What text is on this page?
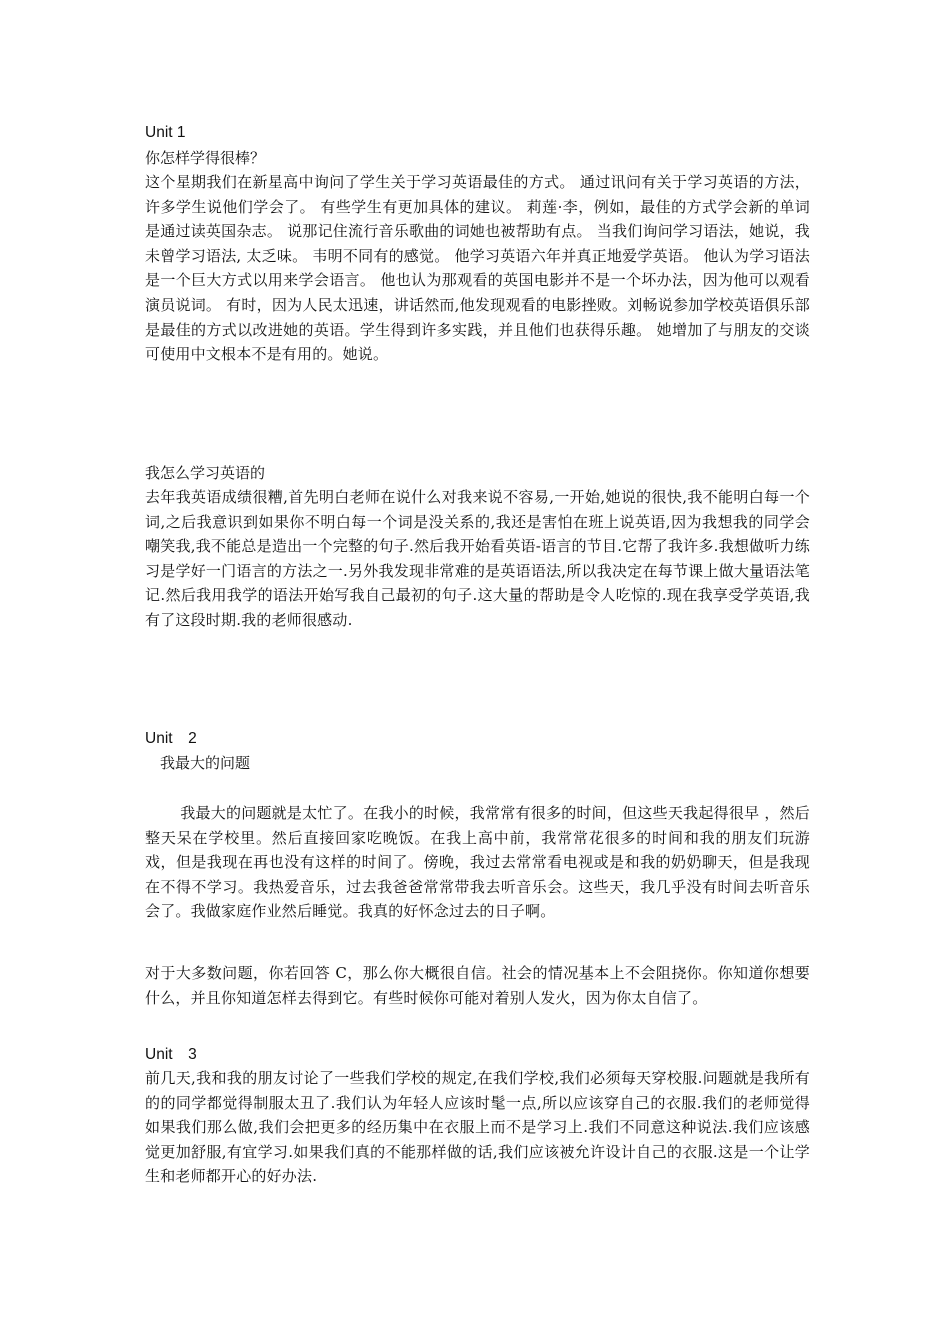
Unit 1
你怎样学得很棒？
这个星期我们在新星高中询问了学生关于学习英语最佳的方式。 通过讯问有关于学习英语的方法，许多学生说他们学会了。 有些学生有更加具体的建议。 莉莲·李，例如，最佳的方式学会新的单词是通过读英国杂志。 说那记住流行音乐歌曲的词她也被帮助有点。 当我们询问学习语法，她说，我未曾学习语法, 太乏味。 韦明不同有的感觉。 他学习英语六年并真正地爱学英语。 他认为学习语法是一个巨大方式以用来学会语言。 他也认为那观看的英国电影并不是一个坏办法，因为他可以观看演员说词。 有时，因为人民太迅速，讲话然而,他发现观看的电影挫败。刘畅说参加学校英语俱乐部是最佳的方式以改进她的英语。学生得到许多实践，并且他们也获得乐趣。 她增加了与朋友的交谈可使用中文根本不是有用的。她说。
我怎么学习英语的
去年我英语成绩很糟,首先明白老师在说什么对我来说不容易,一开始,她说的很快,我不能明白每一个词,之后我意识到如果你不明白每一个词是没关系的,我还是害怕在班上说英语,因为我想我的同学会嘲笑我,我不能总是造出一个完整的句子.然后我开始看英语-语言的节目.它帮了我许多.我想做听力练习是学好一门语言的方法之一.另外我发现非常难的是英语语法,所以我决定在每节课上做大量语法笔记.然后我用我学的语法开始写我自己最初的句子.这大量的帮助是令人吃惊的.现在我享受学英语,我有了这段时期.我的老师很感动.
Unit　2
　我最大的问题
　我最大的问题就是太忙了。在我小的时候，我常常有很多的时间，但这些天我起得很早 ，然后整天呆在学校里。然后直接回家吃晚饭。在我上高中前，我常常花很多的时间和我的朋友们玩游戏，但是我现在再也没有这样的时间了。傍晚，我过去常常看电视或是和我的奶奶聊天，但是我现在不得不学习。我热爱音乐，过去我爸爸常常带我去听音乐会。这些天，我几乎没有时间去听音乐会了。我做家庭作业然后睡觉。我真的好怀念过去的日子啊。
对于大多数问题，你若回答 C，那么你大概很自信。社会的情况基本上不会阻挠你。你知道你想要什么，并且你知道怎样去得到它。有些时候你可能对着别人发火，因为你太自信了。
Unit　3
前几天,我和我的朋友讨论了一些我们学校的规定,在我们学校,我们必须每天穿校服.问题就是我所有的的同学都觉得制服太丑了.我们认为年轻人应该时髦一点,所以应该穿自己的衣服.我们的老师觉得如果我们那么做,我们会把更多的经历集中在衣服上而不是学习上.我们不同意这种说法.我们应该感觉更加舒服,有宜学习.如果我们真的不能那样做的话,我们应该被允许设计自己的衣服.这是一个让学生和老师都开心的好办法.
